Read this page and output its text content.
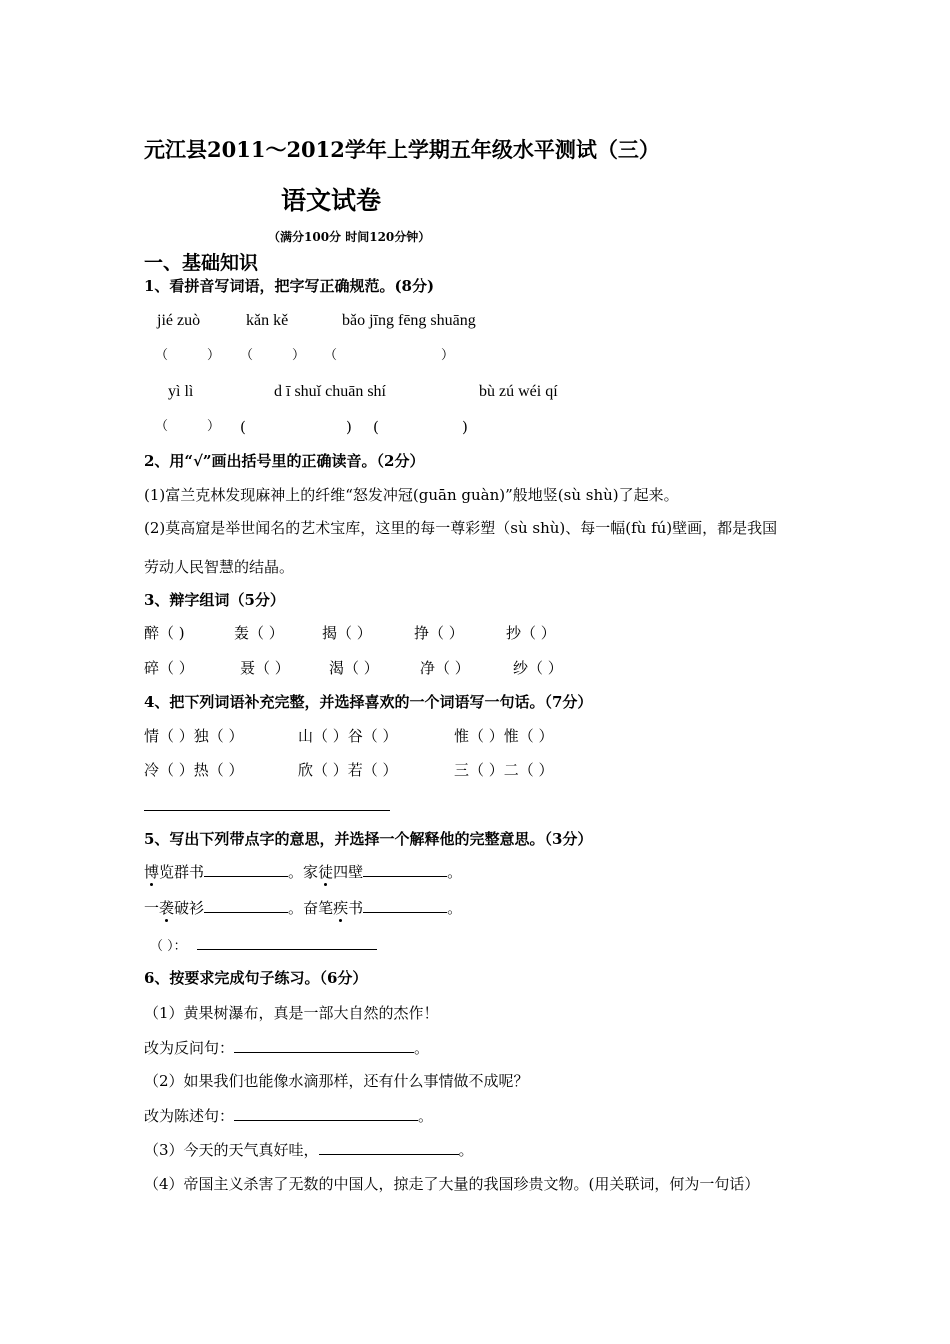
元江县2011～2012学年上学期五年级水平测试（三）
语文试卷
（满分100分 时间120分钟）
一、基础知识
1、看拼音写词语，把字写正确规范。(8分)
jié zuò	kǎn kě	bǎo jīng fēng shuāng
（	） （	） （	）
yì lì	d ī shuǐ chuān shí	bù zú wéi qí
（	） (	) (	)
2、用“√”画出括号里的正确读音。（2分）
(1)富兰克林发现麻神上的纤维“怒发冲冠(guān guàn)”般地竖(sù shù)了起来。
(2)莫高窟是举世闻名的艺术宝库，这里的每一尊彩塑（sù shù)、每一幅(fù fú)壁画，都是我国
劳动人民智慧的结晶。
3、辩字组词（5分）
醉（ )	轰（ ）	揭（ ）	挣（ ）	抄（ ）
碎（ ）	聂（ ）	渴（ ）	净（ ）	纱（ ）
4、把下列词语补充完整，并选择喜欢的一个词语写一句话。（7分）
情（ ）独（ ）	山（ ）谷（ ）	惟（ ）惟（ ）
冷（ ）热（ ）	欣（ ）若（ ）	三（ ）二（ ）
5、写出下列带点字的意思，并选择一个解释他的完整意思。（3分）
博览群书	。家徒四壁	。
一袭破衫	。奋笔疾书	。
（ ）：
6、按要求完成句子练习。（6分）
（1）黄果树瀑布，真是一部大自然的杰作！
改为反问句：	。
（2）如果我们也能像水滴那样，还有什么事情做不成呢？
改为陈述句：	。
（3）今天的天气真好哇，	。
（4）帝国主义杀害了无数的中国人，掠走了大量的我国珍贵文物。(用关联词，何为一句话）
